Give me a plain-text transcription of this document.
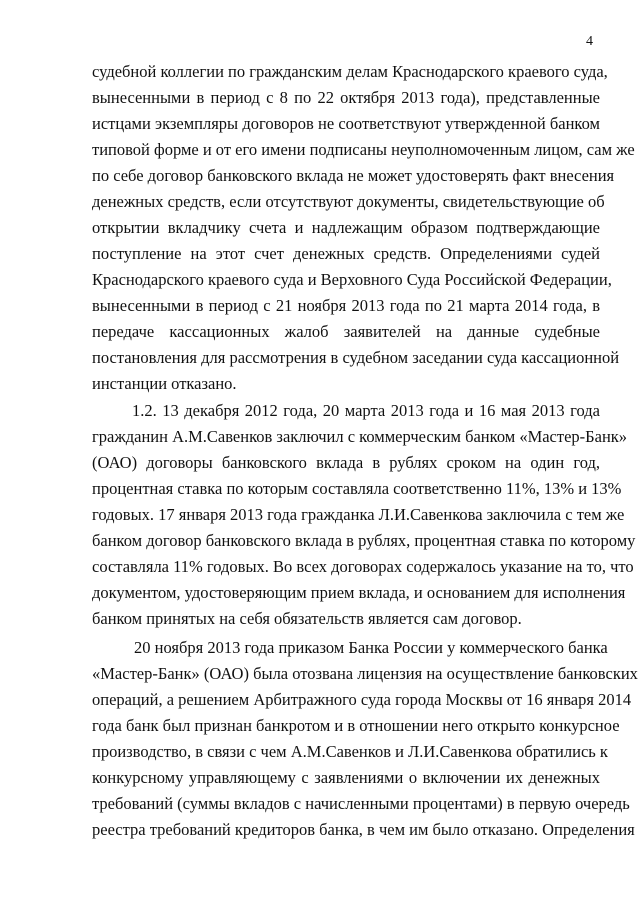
4
судебной коллегии по гражданским делам Краснодарского краевого суда,
вынесенными в период с 8 по 22 октября 2013 года), представленные
истцами экземпляры договоров не соответствуют утвержденной банком
типовой форме и от его имени подписаны неуполномоченным лицом, сам же
по себе договор банковского вклада не может удостоверять факт внесения
денежных средств, если отсутствуют документы, свидетельствующие об
открытии вкладчику счета и надлежащим образом подтверждающие
поступление на этот счет денежных средств. Определениями судей
Краснодарского краевого суда и Верховного Суда Российской Федерации,
вынесенными в период с 21 ноября 2013 года по 21 марта 2014 года, в
передаче кассационных жалоб заявителей на данные судебные
постановления для рассмотрения в судебном заседании суда кассационной
инстанции отказано.
1.2. 13 декабря 2012 года, 20 марта 2013 года и 16 мая 2013 года
гражданин А.М.Савенков заключил с коммерческим банком «Мастер-Банк»
(ОАО) договоры банковского вклада в рублях сроком на один год,
процентная ставка по которым составляла соответственно 11%, 13% и 13%
годовых. 17 января 2013 года гражданка Л.И.Савенкова заключила с тем же
банком договор банковского вклада в рублях, процентная ставка по которому
составляла 11% годовых. Во всех договорах содержалось указание на то, что
документом, удостоверяющим прием вклада, и основанием для исполнения
банком принятых на себя обязательств является сам договор.
20 ноября 2013 года приказом Банка России у коммерческого банка
«Мастер-Банк» (ОАО) была отозвана лицензия на осуществление банковских
операций, а решением Арбитражного суда города Москвы от 16 января 2014
года банк был признан банкротом и в отношении него открыто конкурсное
производство, в связи с чем А.М.Савенков и Л.И.Савенкова обратились к
конкурсному управляющему с заявлениями о включении их денежных
требований (суммы вкладов с начисленными процентами) в первую очередь
реестра требований кредиторов банка, в чем им было отказано. Определения
